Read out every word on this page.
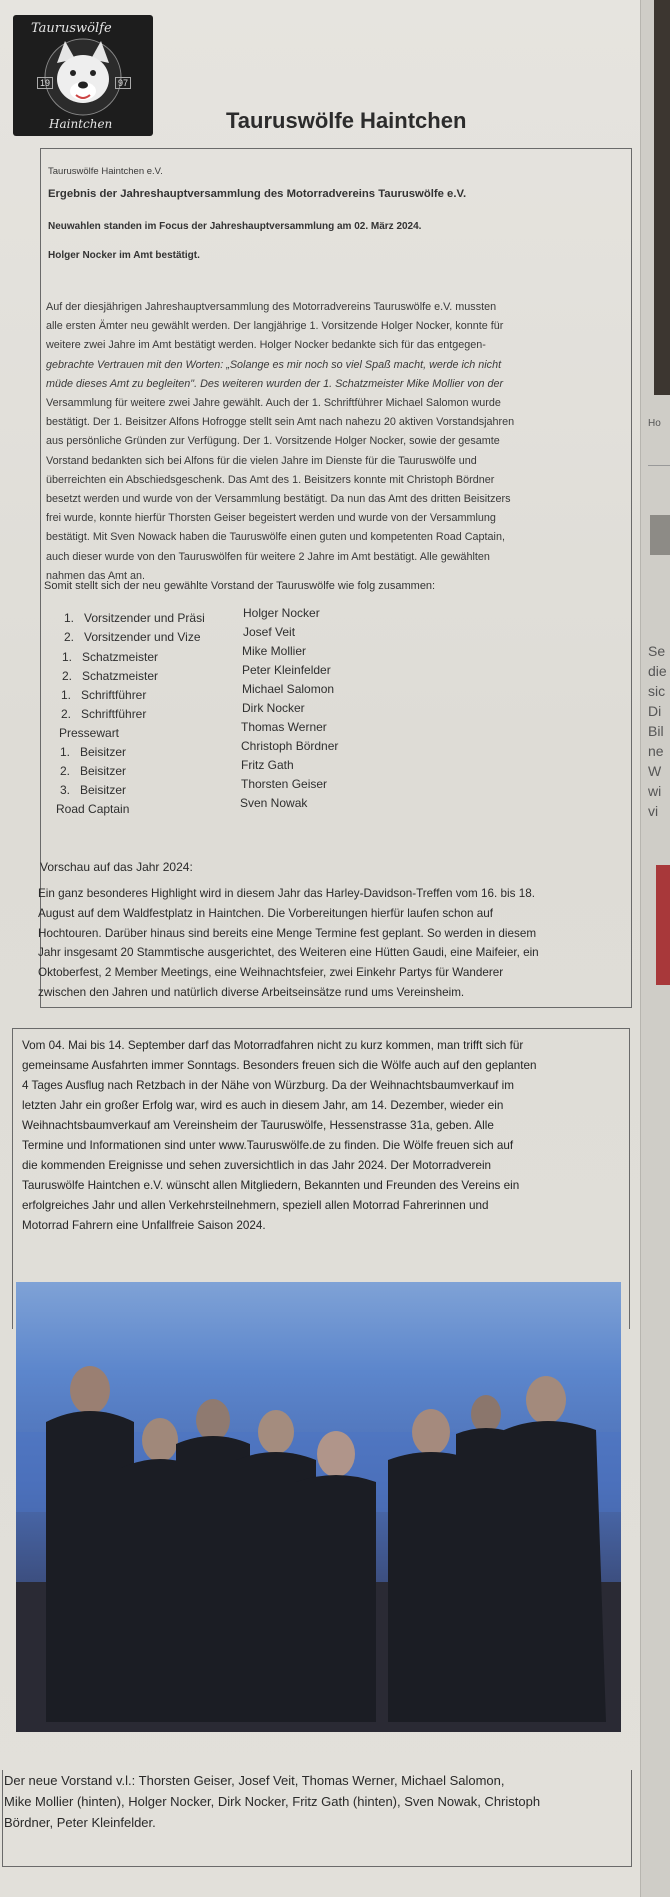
Ho
Se
die
sic
Di
Bil
ne
W
wi
vi
Tauruswölfe
19	97
Haintchen	Tauruswölfe Haintchen
Tauruswölfe Haintchen e.V.
Ergebnis der Jahreshauptversammlung des Motorradvereins Tauruswölfe e.V.
Neuwahlen standen im Focus der Jahreshauptversammlung am 02. März 2024.
Holger Nocker im Amt bestätigt.
Auf der diesjährigen Jahreshauptversammlung des Motorradvereins Tauruswölfe e.V. mussten
alle ersten Ämter neu gewählt werden. Der langjährige 1. Vorsitzende Holger Nocker, konnte für
weitere zwei Jahre im Amt bestätigt werden. Holger Nocker bedankte sich für das entgegen-
gebrachte Vertrauen mit den Worten: „Solange es mir noch so viel Spaß macht, werde ich nicht
müde dieses Amt zu begleiten". Des weiteren wurden der 1. Schatzmeister Mike Mollier von der
Versammlung für weitere zwei Jahre gewählt. Auch der 1. Schriftführer Michael Salomon wurde
bestätigt. Der 1. Beisitzer Alfons Hofrogge stellt sein Amt nach nahezu 20 aktiven Vorstandsjahren
aus persönliche Gründen zur Verfügung. Der 1. Vorsitzende Holger Nocker, sowie der gesamte
Vorstand bedankten sich bei Alfons für die vielen Jahre im Dienste für die Tauruswölfe und
überreichten ein Abschiedsgeschenk. Das Amt des 1. Beisitzers konnte mit Christoph Bördner
besetzt werden und wurde von der Versammlung bestätigt. Da nun das Amt des dritten Beisitzers
frei wurde, konnte hierfür Thorsten Geiser begeistert werden und wurde von der Versammlung
bestätigt. Mit Sven Nowack haben die Tauruswölfe einen guten und kompetenten Road Captain,
auch dieser wurde von den Tauruswölfen für weitere 2 Jahre im Amt bestätigt. Alle gewählten
nahmen das Amt an.
Somit stellt sich der neu gewählte Vorstand der Tauruswölfe wie folg zusammen:
1. Vorsitzender und Präsi	Holger Nocker
2. Vorsitzender und Vize	Josef Veit
1. Schatzmeister	Mike Mollier
2. Schatzmeister	Peter Kleinfelder
1. Schriftführer	Michael Salomon
2. Schriftführer	Dirk Nocker
Pressewart	Thomas Werner
1. Beisitzer	Christoph Bördner
2. Beisitzer	Fritz Gath
3. Beisitzer	Thorsten Geiser
Road Captain	Sven Nowak
Vorschau auf das Jahr 2024:
Ein ganz besonderes Highlight wird in diesem Jahr das Harley-Davidson-Treffen vom 16. bis 18.
August auf dem Waldfestplatz in Haintchen. Die Vorbereitungen hierfür laufen schon auf
Hochtouren. Darüber hinaus sind bereits eine Menge Termine fest geplant. So werden in diesem
Jahr insgesamt 20 Stammtische ausgerichtet, des Weiteren eine Hütten Gaudi, eine Maifeier, ein
Oktoberfest, 2 Member Meetings, eine Weihnachtsfeier, zwei Einkehr Partys für Wanderer
zwischen den Jahren und natürlich diverse Arbeitseinsätze rund ums Vereinsheim.
Vom 04. Mai bis 14. September darf das Motorradfahren nicht zu kurz kommen, man trifft sich für
gemeinsame Ausfahrten immer Sonntags. Besonders freuen sich die Wölfe auch auf den geplanten
4 Tages Ausflug nach Retzbach in der Nähe von Würzburg. Da der Weihnachtsbaumverkauf im
letzten Jahr ein großer Erfolg war, wird es auch in diesem Jahr, am 14. Dezember, wieder ein
Weihnachtsbaumverkauf am Vereinsheim der Tauruswölfe, Hessenstrasse 31a, geben. Alle
Termine und Informationen sind unter www.Tauruswölfe.de zu finden. Die Wölfe freuen sich auf
die kommenden Ereignisse und sehen zuversichtlich in das Jahr 2024. Der Motorradverein
Tauruswölfe Haintchen e.V. wünscht allen Mitgliedern, Bekannten und Freunden des Vereins ein
erfolgreiches Jahr und allen Verkehrsteilnehmern, speziell allen Motorrad Fahrerinnen und
Motorrad Fahrern eine Unfallfreie Saison 2024.
Der neue Vorstand v.l.: Thorsten Geiser, Josef Veit, Thomas Werner, Michael Salomon,
Mike Mollier (hinten), Holger Nocker, Dirk Nocker, Fritz Gath (hinten), Sven Nowak, Christoph
Bördner, Peter Kleinfelder.
